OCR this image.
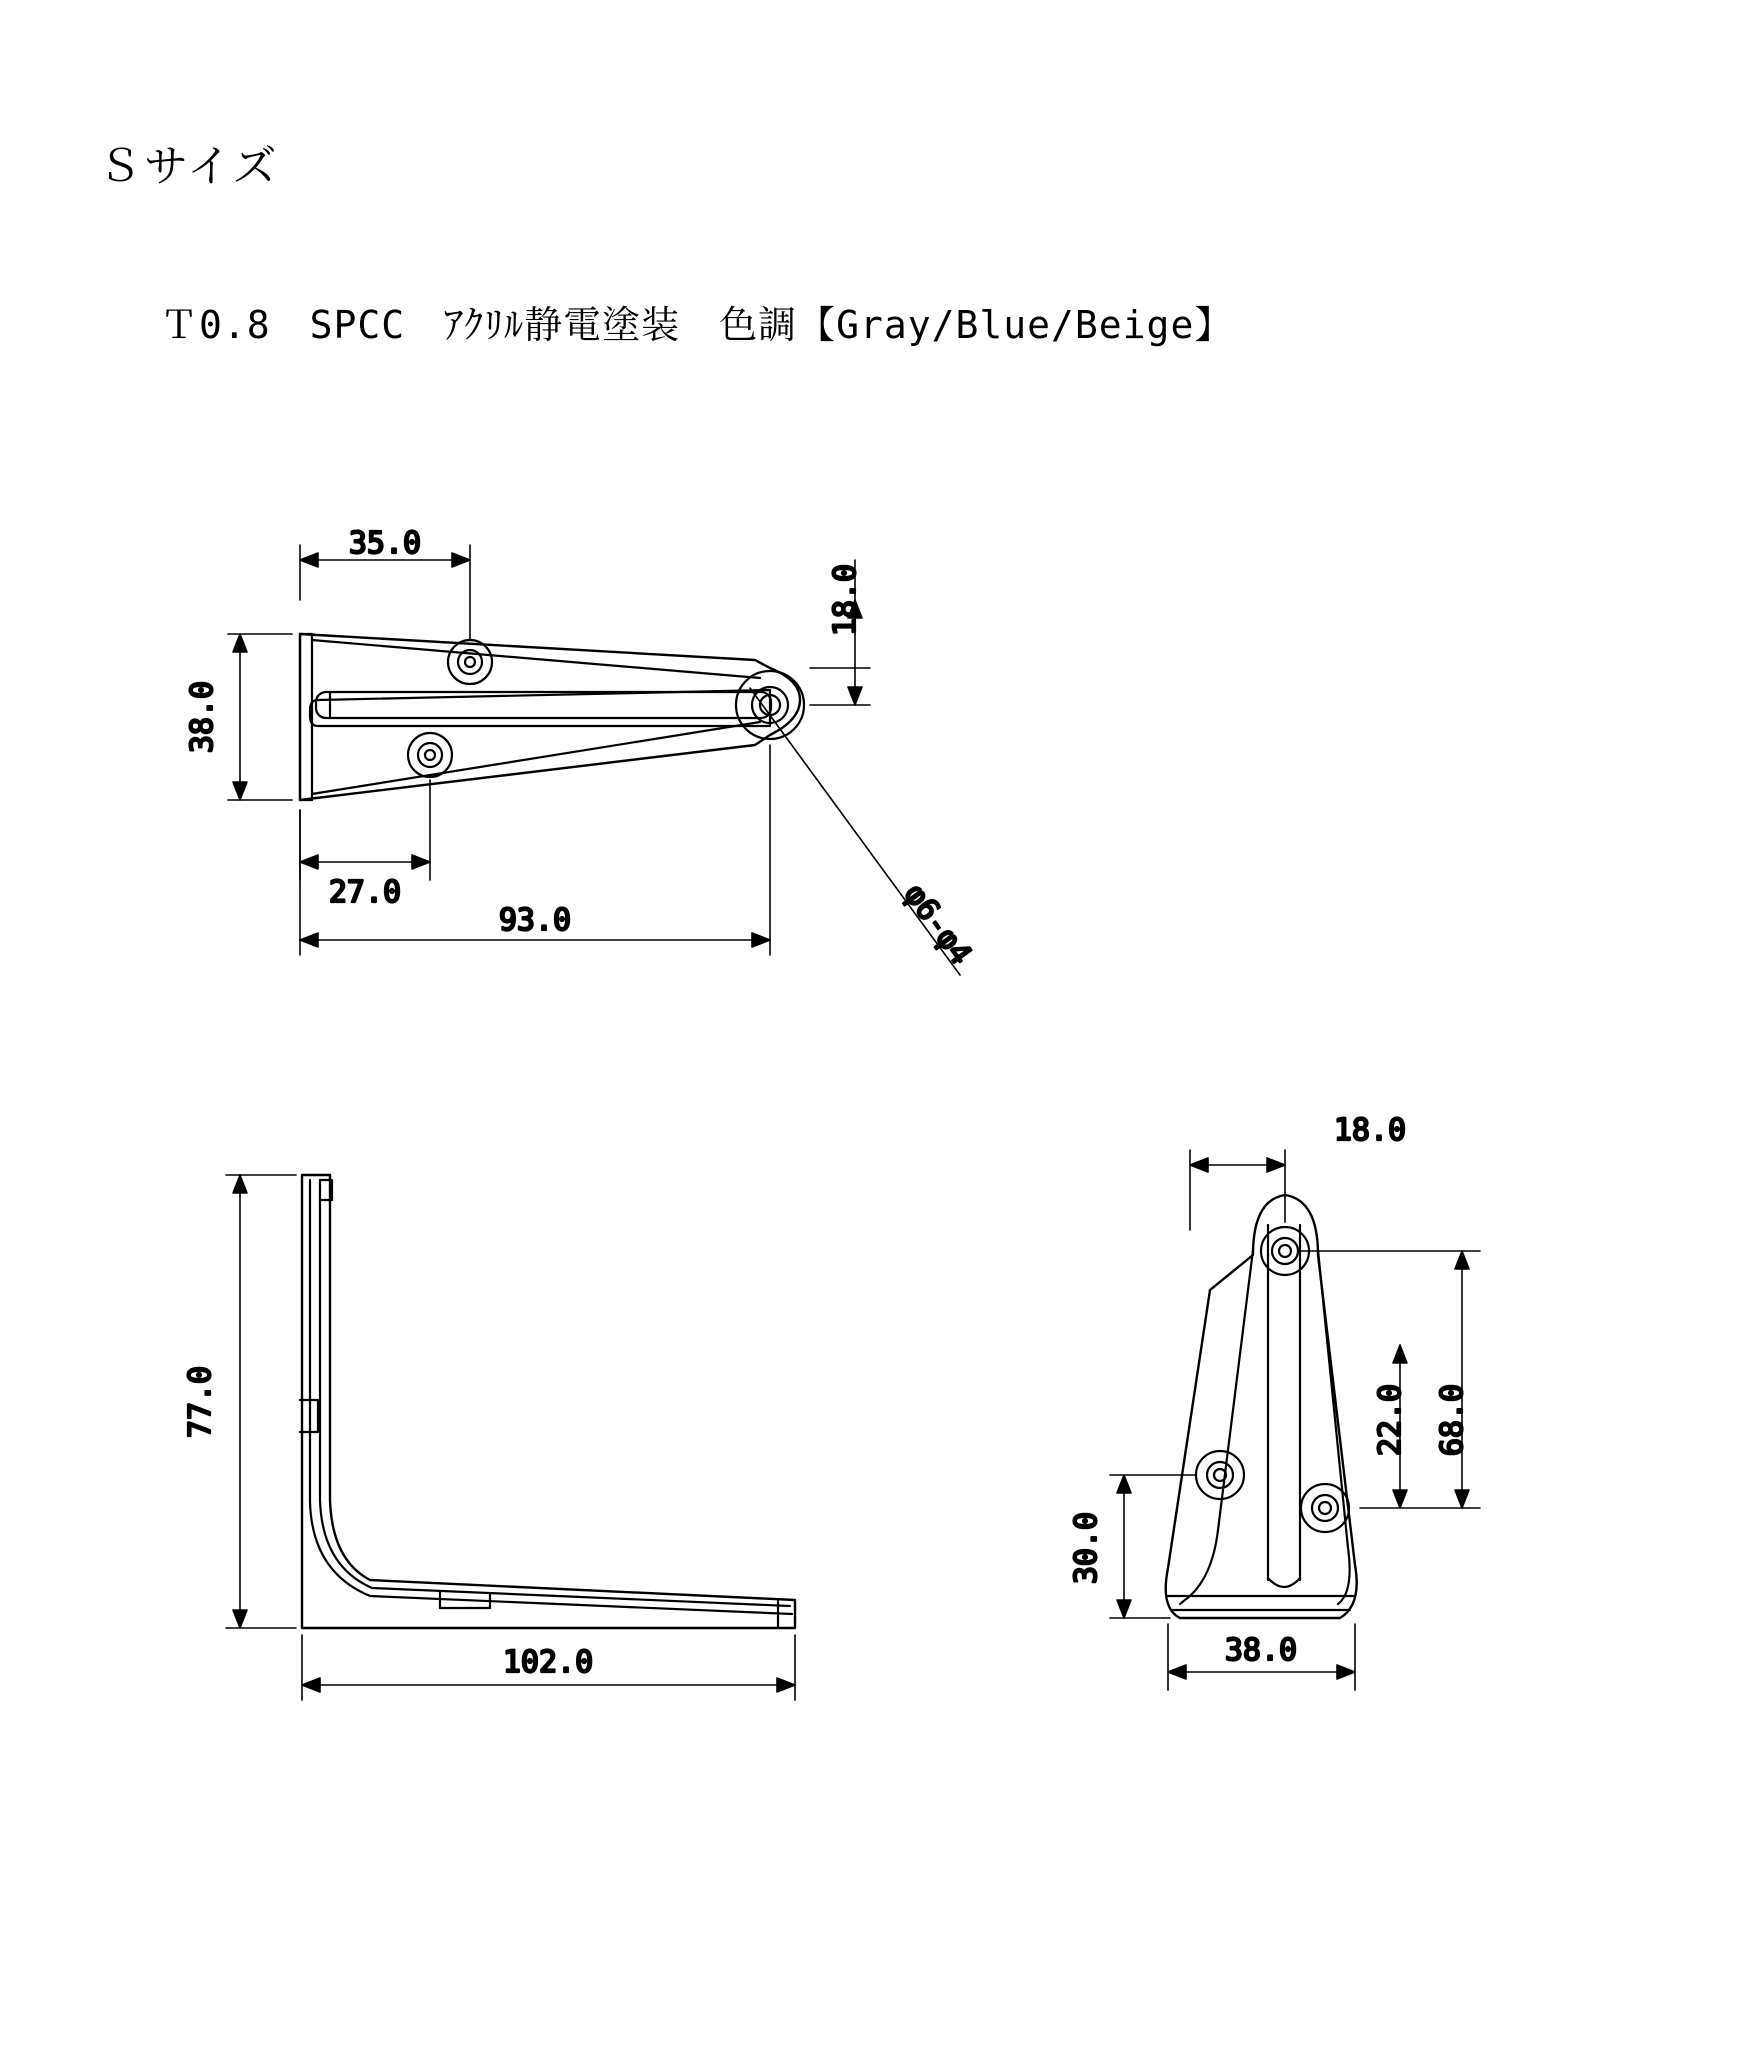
Ｓサイズ
Ｔ0.8　SPCC　ｱｸﾘﾙ静電塗装　色調【Gray/Blue/Beige】
35.0
18.0
38.0
27.0
93.0	φ6-φ4
77.0
102.0
18.0
22.0 68.0
30.0
38.0
